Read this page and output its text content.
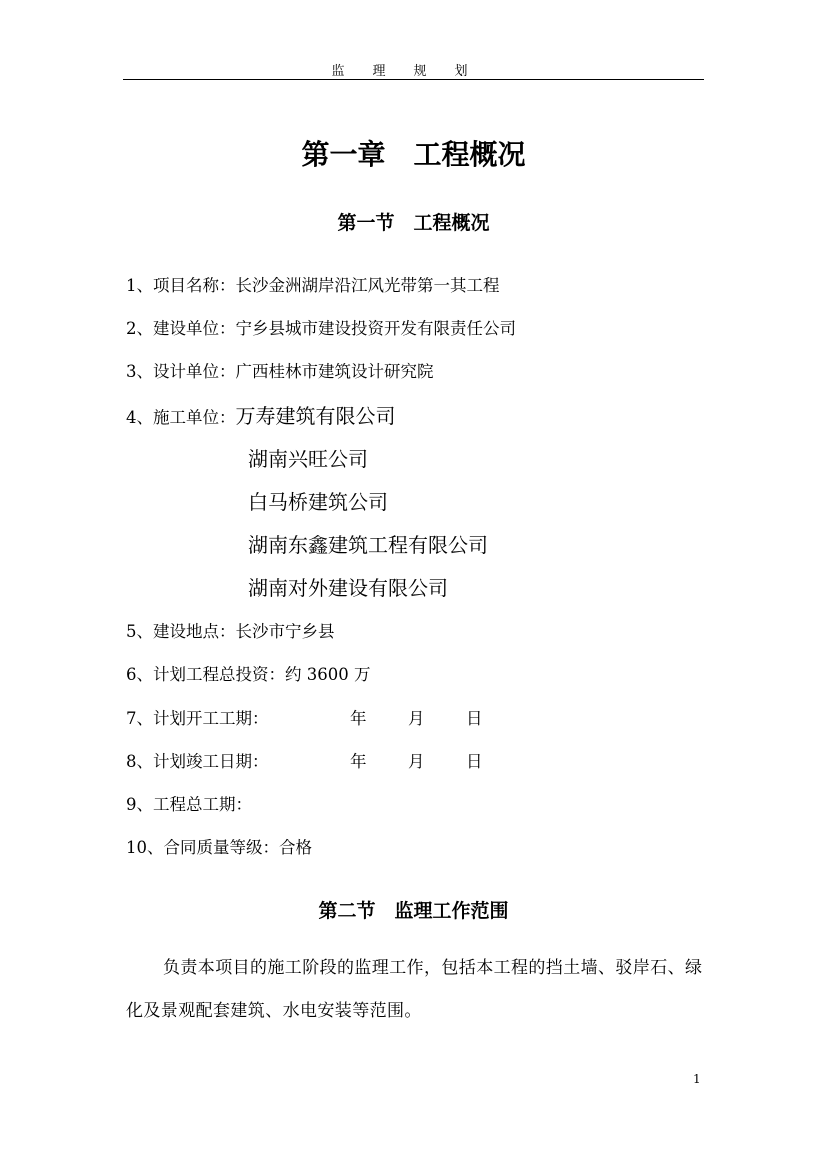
监理规划
第一章　工程概况
第一节　工程概况
1、项目名称：长沙金洲湖岸沿江风光带第一其工程
2、建设单位：宁乡县城市建设投资开发有限责任公司
3、设计单位：广西桂林市建筑设计研究院
4、施工单位：万寿建筑有限公司
湖南兴旺公司
白马桥建筑公司
湖南东鑫建筑工程有限公司
湖南对外建设有限公司
5、建设地点：长沙市宁乡县
6、计划工程总投资：约 3600 万
7、计划开工工期：	年	月	日
8、计划竣工日期：	年	月	日
9、工程总工期：
10、合同质量等级：合格
第二节　监理工作范围
负责本项目的施工阶段的监理工作，包括本工程的挡土墙、驳岸石、绿化及景观配套建筑、水电安装等范围。
1
